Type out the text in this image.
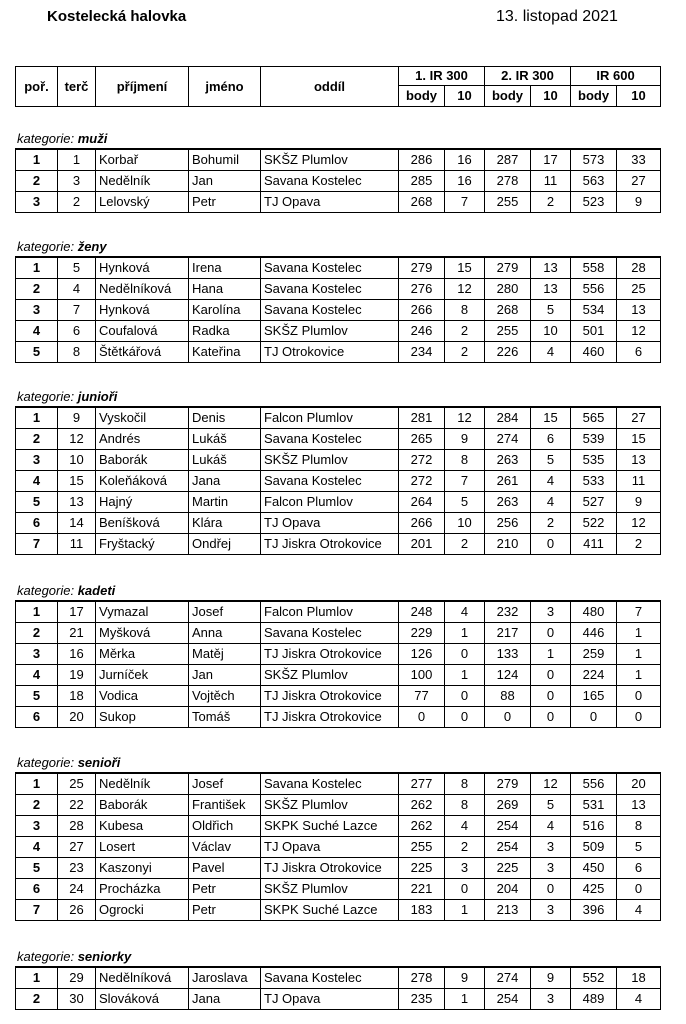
Kostelecká halovka	13. listopad 2021
poř.	terč	příjmení	jméno	oddíl	1. IR 300		2. IR 300		IR 600	
					body	10	body	10	body	10
kategorie: muži
1	1	Korbař	Bohumil	SKŠZ Plumlov	286	16	287	17	573	33
2	3	Nedělník	Jan	Savana Kostelec	285	16	278	11	563	27
3	2	Lelovský	Petr	TJ Opava	268	7	255	2	523	9
kategorie: ženy
1	5	Hynková	Irena	Savana Kostelec	279	15	279	13	558	28
2	4	Nedělníková	Hana	Savana Kostelec	276	12	280	13	556	25
3	7	Hynková	Karolína	Savana Kostelec	266	8	268	5	534	13
4	6	Coufalová	Radka	SKŠZ Plumlov	246	2	255	10	501	12
5	8	Štětkářová	Kateřina	TJ Otrokovice	234	2	226	4	460	6
kategorie: junioři
1	9	Vyskočil	Denis	Falcon Plumlov	281	12	284	15	565	27
2	12	Andrés	Lukáš	Savana Kostelec	265	9	274	6	539	15
3	10	Baborák	Lukáš	SKŠZ Plumlov	272	8	263	5	535	13
4	15	Koleňáková	Jana	Savana Kostelec	272	7	261	4	533	11
5	13	Hajný	Martin	Falcon Plumlov	264	5	263	4	527	9
6	14	Beníšková	Klára	TJ Opava	266	10	256	2	522	12
7	11	Fryštacký	Ondřej	TJ Jiskra Otrokovice	201	2	210	0	411	2
kategorie: kadeti
1	17	Vymazal	Josef	Falcon Plumlov	248	4	232	3	480	7
2	21	Myšková	Anna	Savana Kostelec	229	1	217	0	446	1
3	16	Měrka	Matěj	TJ Jiskra Otrokovice	126	0	133	1	259	1
4	19	Jurníček	Jan	SKŠZ Plumlov	100	1	124	0	224	1
5	18	Vodica	Vojtěch	TJ Jiskra Otrokovice	77	0	88	0	165	0
6	20	Sukop	Tomáš	TJ Jiskra Otrokovice	0	0	0	0	0	0
kategorie: senioři
1	25	Nedělník	Josef	Savana Kostelec	277	8	279	12	556	20
2	22	Baborák	František	SKŠZ Plumlov	262	8	269	5	531	13
3	28	Kubesa	Oldřich	SKPK Suché Lazce	262	4	254	4	516	8
4	27	Losert	Václav	TJ Opava	255	2	254	3	509	5
5	23	Kaszonyi	Pavel	TJ Jiskra Otrokovice	225	3	225	3	450	6
6	24	Procházka	Petr	SKŠZ Plumlov	221	0	204	0	425	0
7	26	Ogrocki	Petr	SKPK Suché Lazce	183	1	213	3	396	4
kategorie: seniorky
1	29	Nedělníková	Jaroslava	Savana Kostelec	278	9	274	9	552	18
2	30	Slováková	Jana	TJ Opava	235	1	254	3	489	4
